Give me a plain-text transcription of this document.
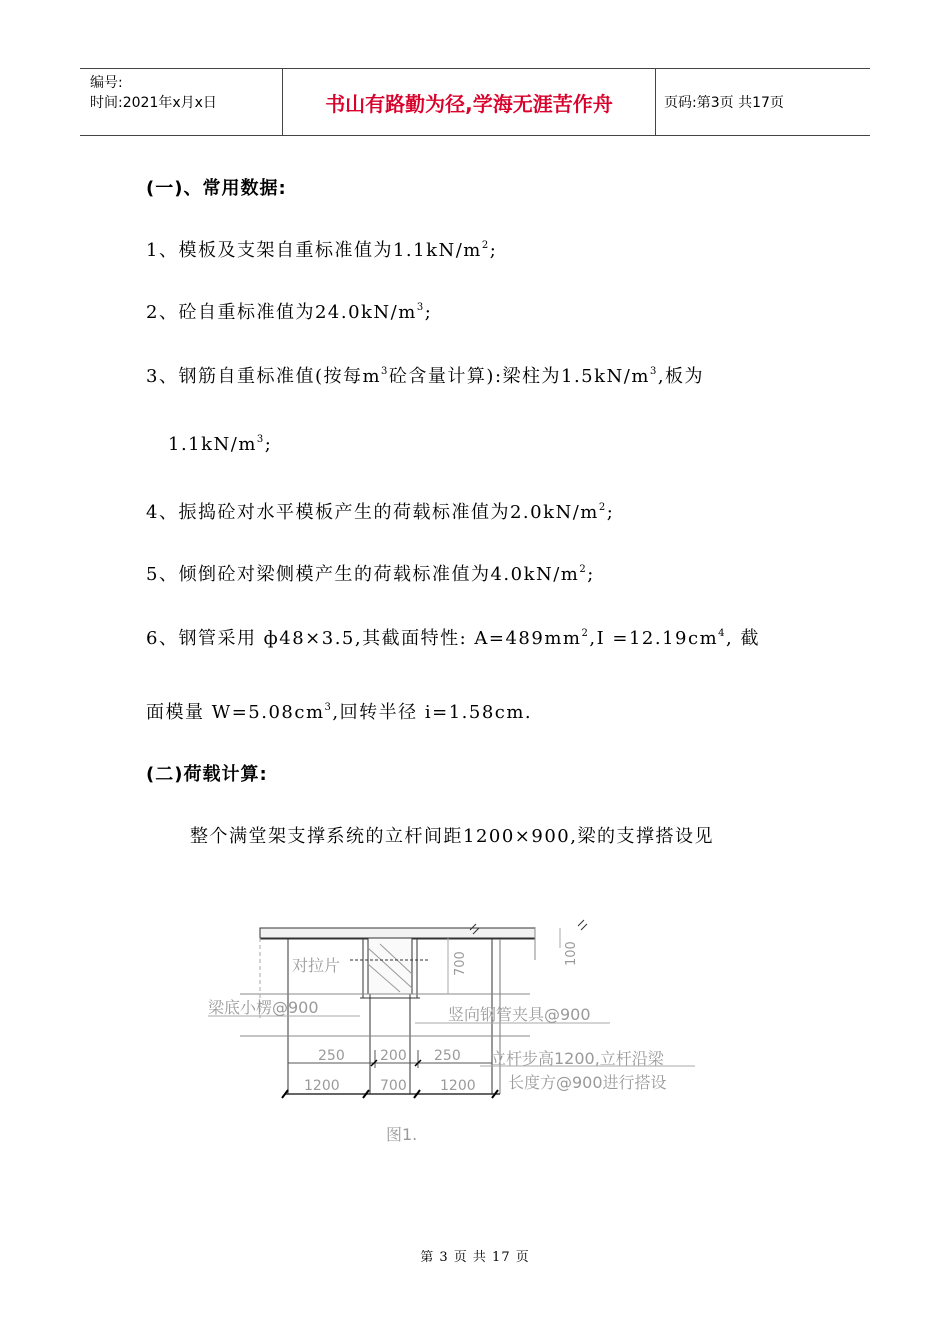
编号:
时间:2021年x月x日	书山有路勤为径,学海无涯苦作舟	页码:第3页 共17页
(一)、常用数据:
1、模板及支架自重标准值为$1.1kN/m^2$;
2、砼自重标准值为$24.0kN/m^3$;
3、钢筋自重标准值(按每$m^3$砼含量计算):梁柱为$1.5kN/m^3$,板为
$1.1kN/m^3$;
4、振捣砼对水平模板产生的荷载标准值为$2.0kN/m^2$;
5、倾倒砼对梁侧模产生的荷载标准值为$4.0kN/m^2$;
6、钢管采用 ф48×3.5,其截面特性: $A=489mm^2,I =12.19cm^4$, 截
面模量 $W=5.08cm^3$,回转半径 i=1.58cm.
(二)荷载计算:
整个满堂架支撑系统的立杆间距1200×900,梁的支撑搭设见
对拉片
梁底小楞@900	竖向钢管夹具@900
700	100
250	200 250
1200	700 1200
立杆步高1200,立杆沿梁
长度方@900进行搭设
图1.
第 3 页 共 17 页
